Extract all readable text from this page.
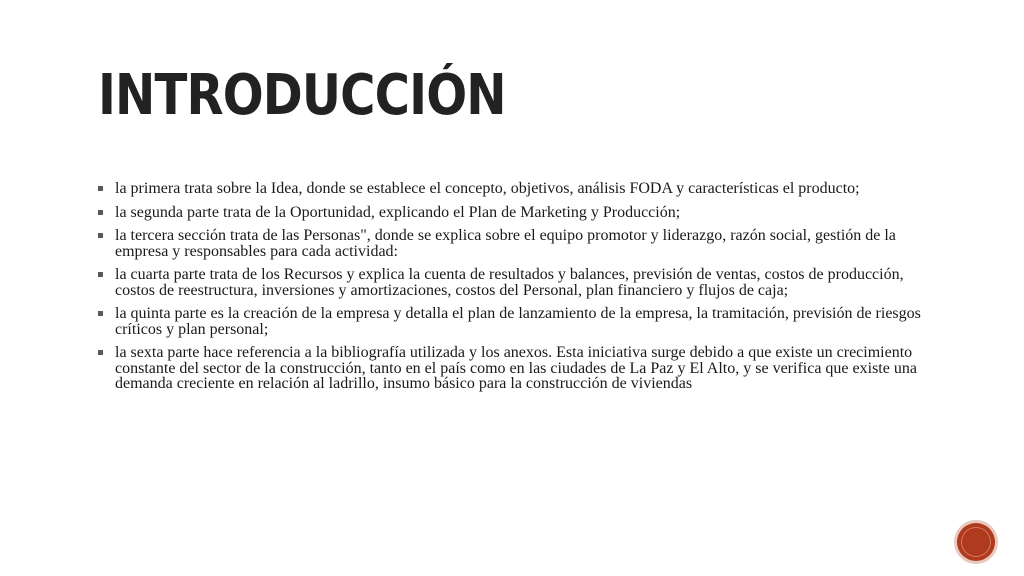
INTRODUCCIÓN
la primera trata sobre la Idea, donde se establece el concepto, objetivos, análisis FODA y características el producto;
la segunda parte trata de la Oportunidad, explicando el Plan de Marketing y Producción;
la tercera sección trata de las Personas", donde se explica sobre el equipo promotor y liderazgo, razón social, gestión de la empresa y responsables para cada actividad:
la cuarta parte trata de los Recursos y explica la cuenta de resultados y balances, previsión de ventas, costos de producción, costos de reestructura, inversiones y amortizaciones, costos del Personal, plan financiero y flujos de caja;
la quinta parte es la creación de la empresa y detalla el plan de lanzamiento de la empresa, la tramitación, previsión de riesgos críticos y plan personal;
la sexta parte hace referencia a la bibliografía utilizada y los anexos. Esta iniciativa surge debido a que existe un crecimiento constante del sector de la construcción, tanto en el país como en las ciudades de La Paz y El Alto, y se verifica que existe una demanda creciente en relación al ladrillo, insumo básico para la construcción de viviendas
